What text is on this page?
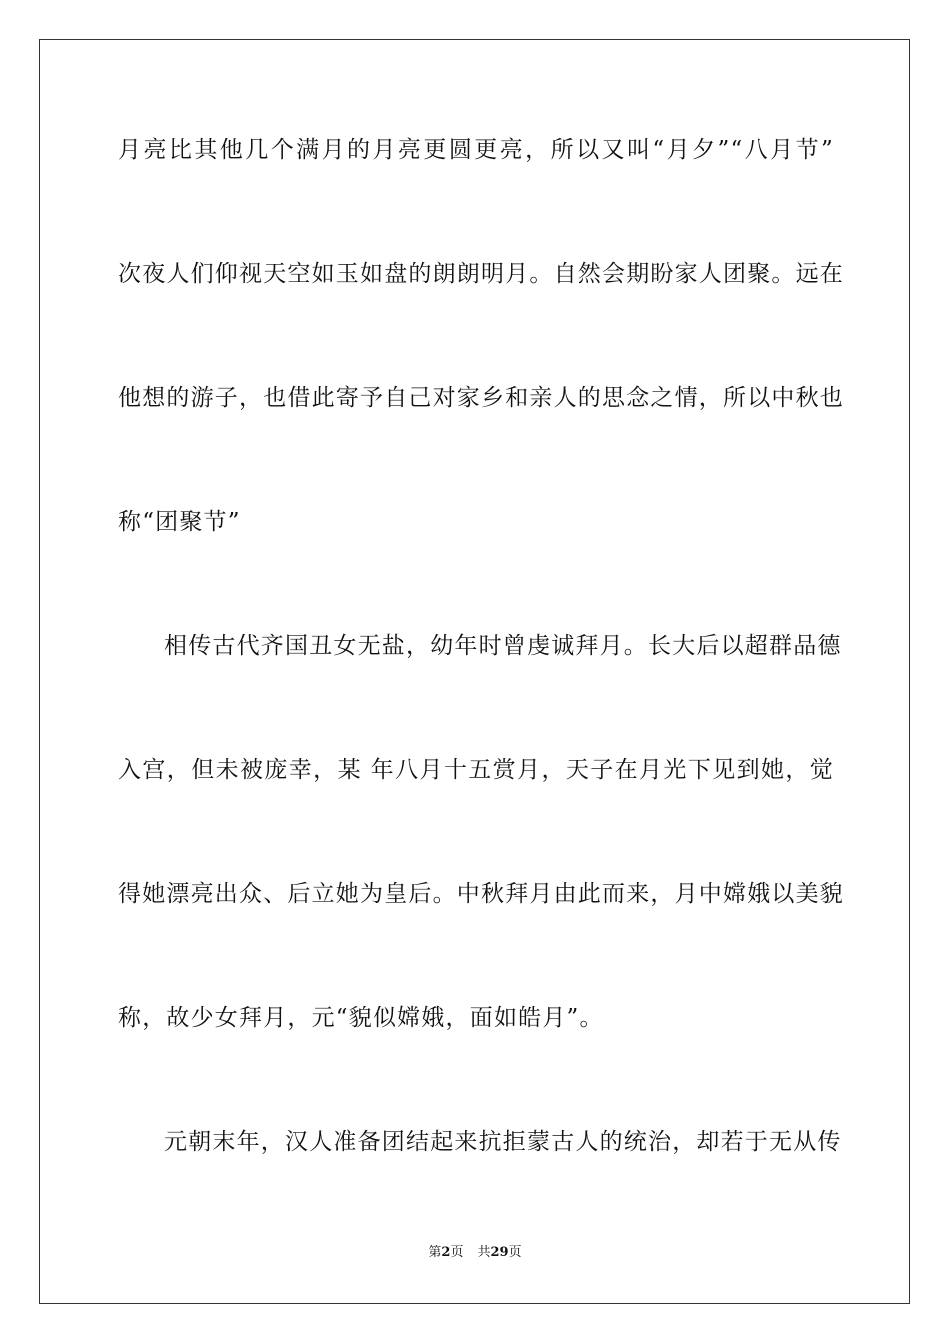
月亮比其他几个满月的月亮更圆更亮，所以又叫“月夕”“八月节”
次夜人们仰视天空如玉如盘的朗朗明月。自然会期盼家人团聚。远在
他想的游子，也借此寄予自己对家乡和亲人的思念之情，所以中秋也
称“团聚节”
相传古代齐国丑女无盐，幼年时曾虔诚拜月。长大后以超群品德
入宫，但未被庞幸，某 年八月十五赏月，天子在月光下见到她，觉
得她漂亮出众、后立她为皇后。中秋拜月由此而来，月中嫦娥以美貌
称，故少女拜月，元“貌似嫦娥，面如皓月”。
元朝末年，汉人准备团结起来抗拒蒙古人的统治，却若于无从传
第2页 共29页
